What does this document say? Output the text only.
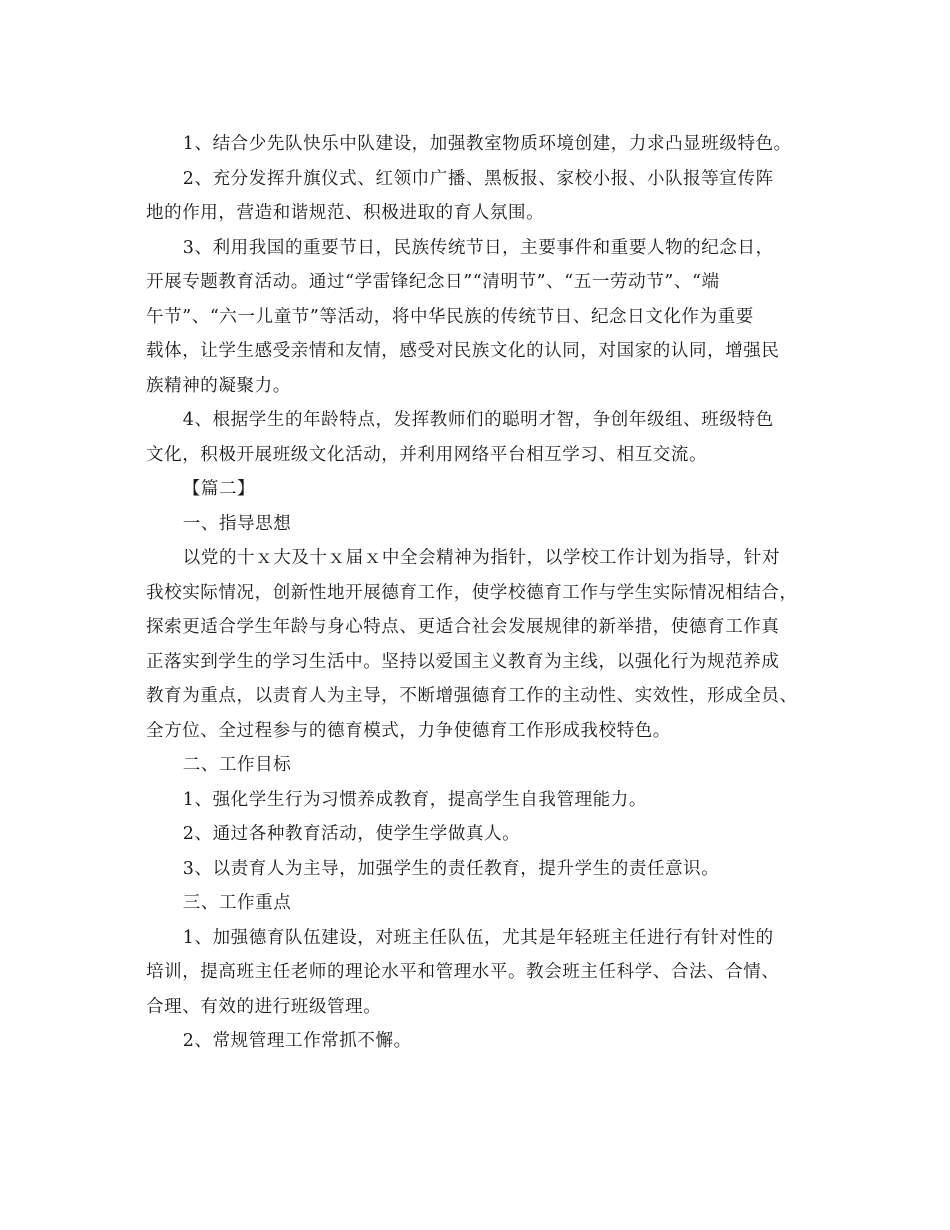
1、结合少先队快乐中队建设，加强教室物质环境创建，力求凸显班级特色。
2、充分发挥升旗仪式、红领巾广播、黑板报、家校小报、小队报等宣传阵
地的作用，营造和谐规范、积极进取的育人氛围。
3、利用我国的重要节日，民族传统节日，主要事件和重要人物的纪念日，
开展专题教育活动。通过“学雷锋纪念日”“清明节”、“五一劳动节”、“端
午节”、“六一儿童节”等活动，将中华民族的传统节日、纪念日文化作为重要
载体，让学生感受亲情和友情，感受对民族文化的认同，对国家的认同，增强民
族精神的凝聚力。
4、根据学生的年龄特点，发挥教师们的聪明才智，争创年级组、班级特色
文化，积极开展班级文化活动，并利用网络平台相互学习、相互交流。
【篇二】
一、指导思想
以党的十ｘ大及十ｘ届ｘ中全会精神为指针，以学校工作计划为指导，针对
我校实际情况，创新性地开展德育工作，使学校德育工作与学生实际情况相结合，
探索更适合学生年龄与身心特点、更适合社会发展规律的新举措，使德育工作真
正落实到学生的学习生活中。坚持以爱国主义教育为主线，以强化行为规范养成
教育为重点，以责育人为主导，不断增强德育工作的主动性、实效性，形成全员、
全方位、全过程参与的德育模式，力争使德育工作形成我校特色。
二、工作目标
1、强化学生行为习惯养成教育，提高学生自我管理能力。
2、通过各种教育活动，使学生学做真人。
3、以责育人为主导，加强学生的责任教育，提升学生的责任意识。
三、工作重点
1、加强德育队伍建设，对班主任队伍，尤其是年轻班主任进行有针对性的
培训，提高班主任老师的理论水平和管理水平。教会班主任科学、合法、合情、
合理、有效的进行班级管理。
2、常规管理工作常抓不懈。
